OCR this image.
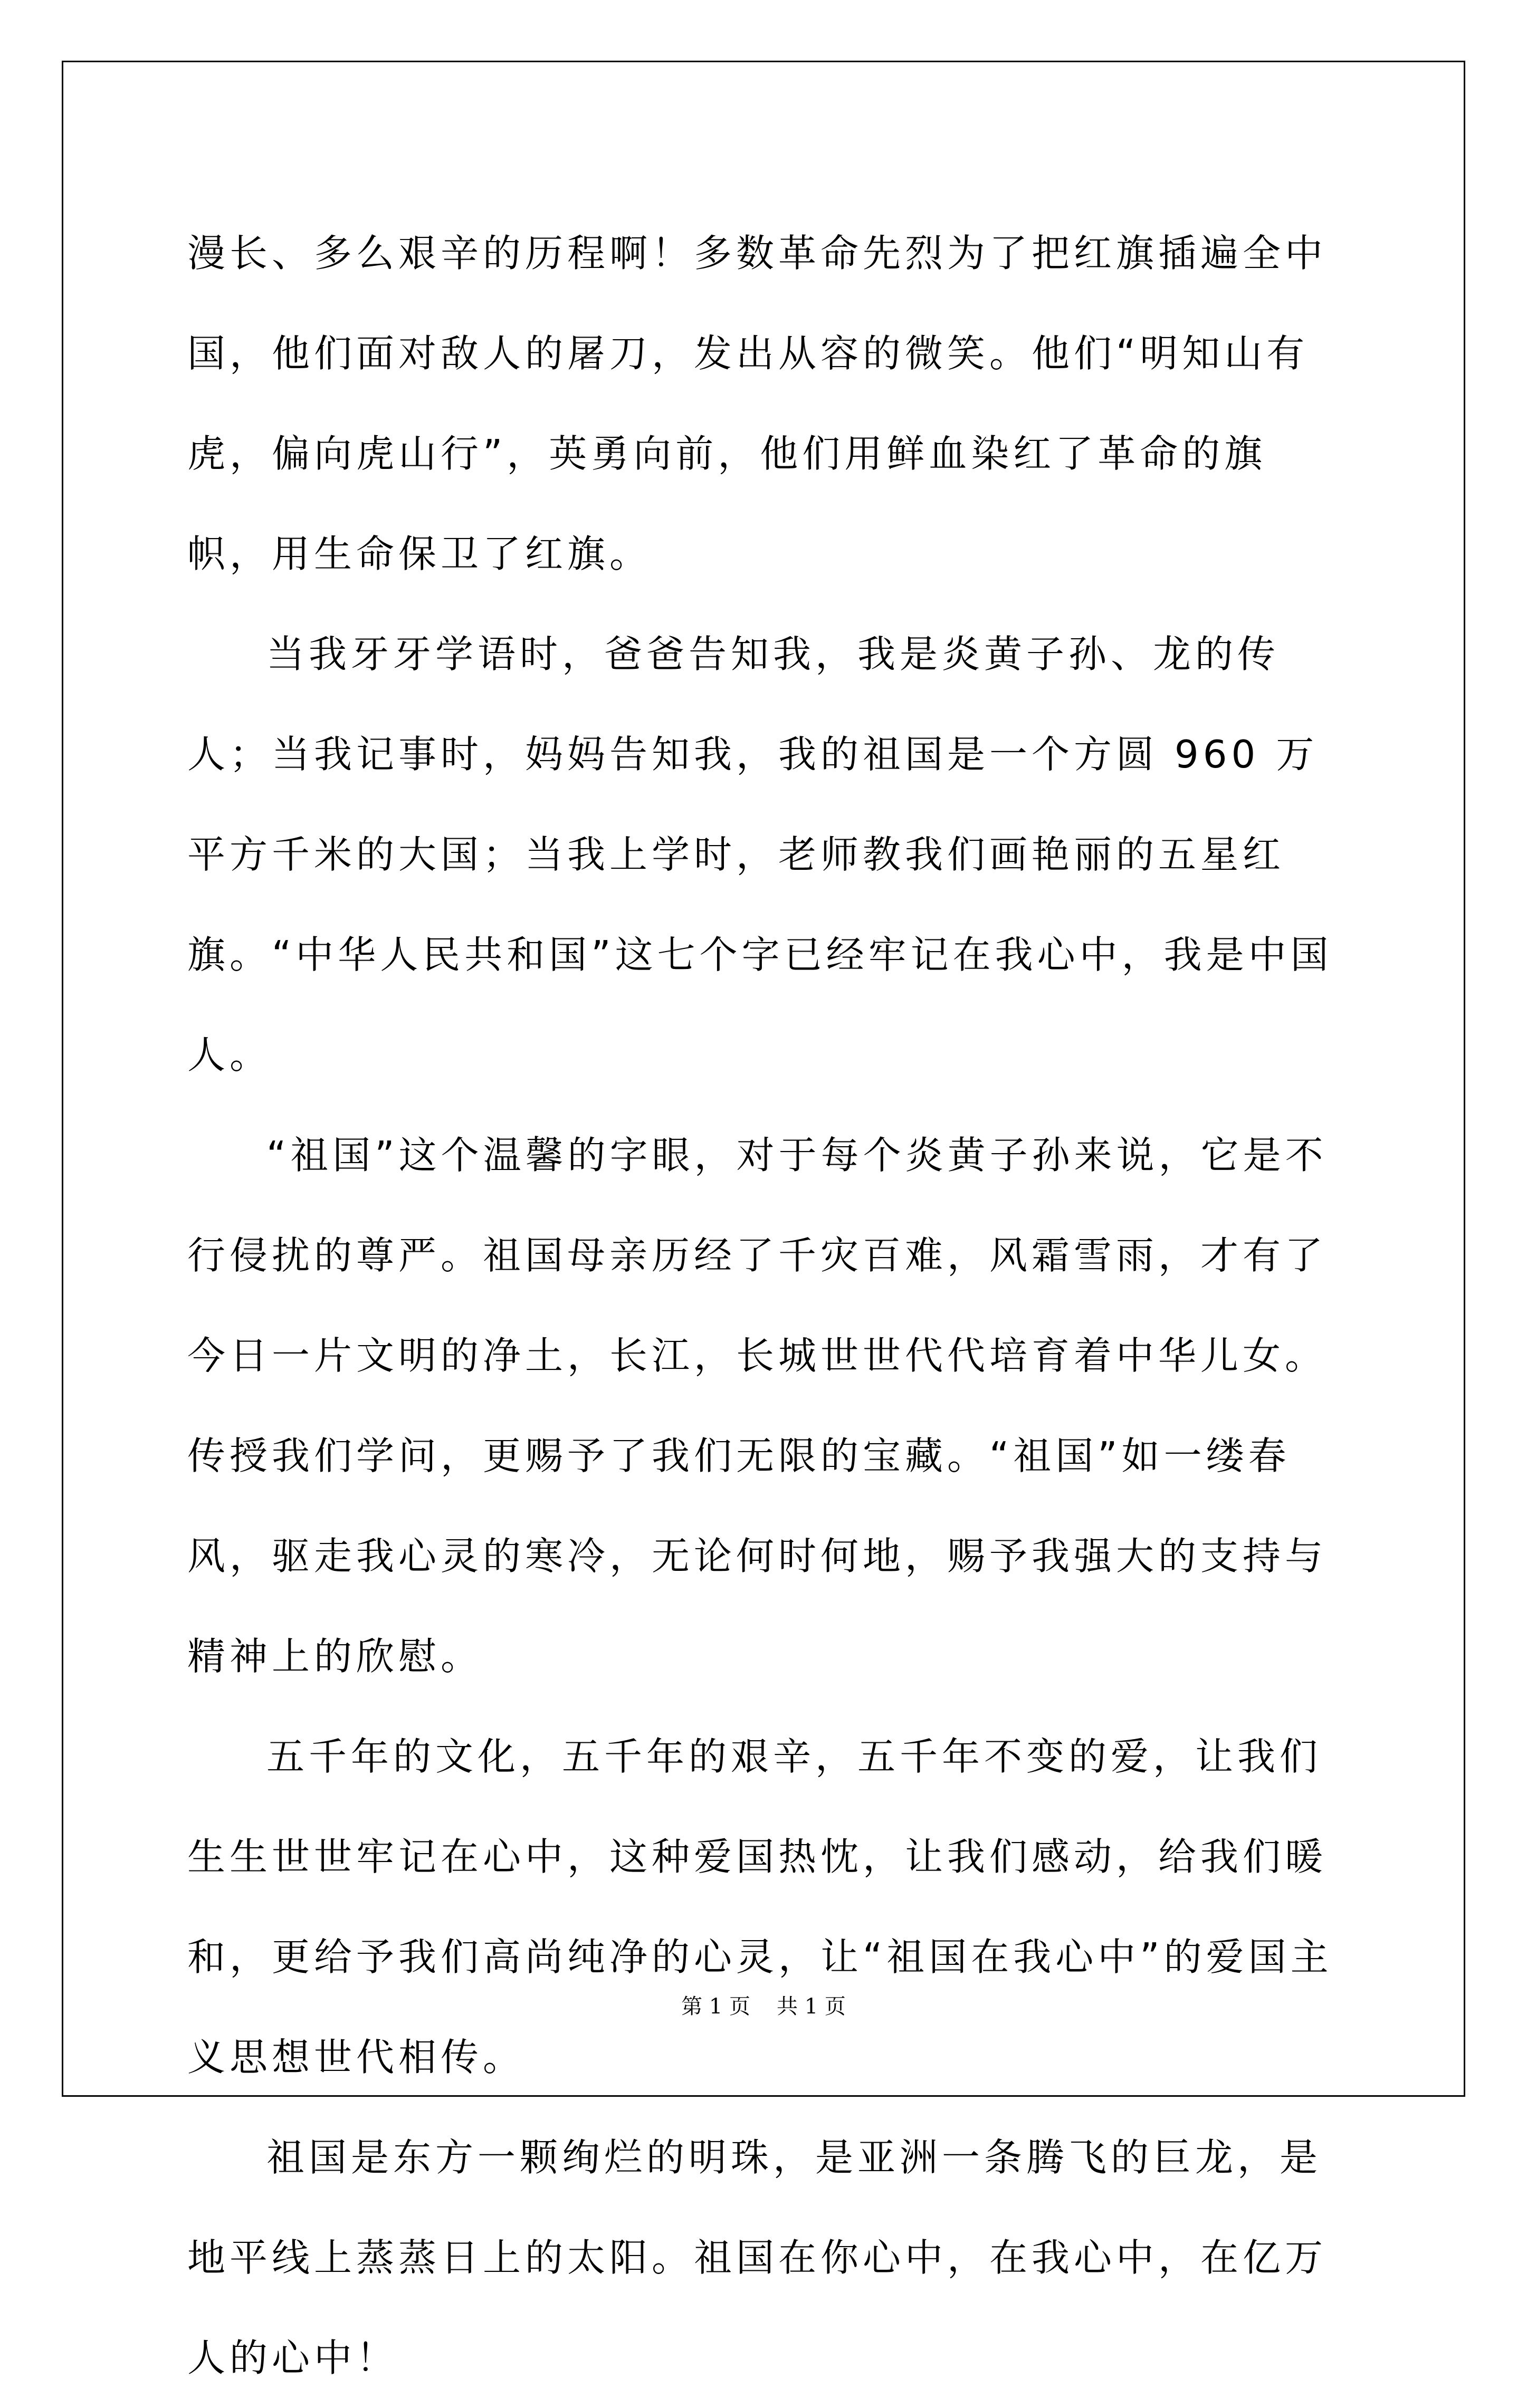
漫长、多么艰辛的历程啊！多数革命先烈为了把红旗插遍全中国，他们面对敌人的屠刀，发出从容的微笑。他们“明知山有虎，偏向虎山行”，英勇向前，他们用鲜血染红了革命的旗帜，用生命保卫了红旗。

当我牙牙学语时，爸爸告知我，我是炎黄子孙、龙的传人；当我记事时，妈妈告知我，我的祖国是一个方圆 960 万平方千米的大国；当我上学时，老师教我们画艳丽的五星红旗。“中华人民共和国”这七个字已经牢记在我心中，我是中国人。

“祖国”这个温馨的字眼，对于每个炎黄子孙来说，它是不行侵扰的尊严。祖国母亲历经了千灾百难，风霜雪雨，才有了今日一片文明的净土，长江，长城世世代代培育着中华儿女。传授我们学问，更赐予了我们无限的宝藏。“祖国”如一缕春风，驱走我心灵的寒冷，无论何时何地，赐予我强大的支持与精神上的欣慰。

五千年的文化，五千年的艰辛，五千年不变的爱，让我们生生世世牢记在心中，这种爱国热忱，让我们感动，给我们暖和，更给予我们高尚纯净的心灵，让“祖国在我心中”的爱国主义思想世代相传。

祖国是东方一颗绚烂的明珠，是亚洲一条腾飞的巨龙，是地平线上蒸蒸日上的太阳。祖国在你心中，在我心中，在亿万人的心中！

第 1 页 共 1 页
